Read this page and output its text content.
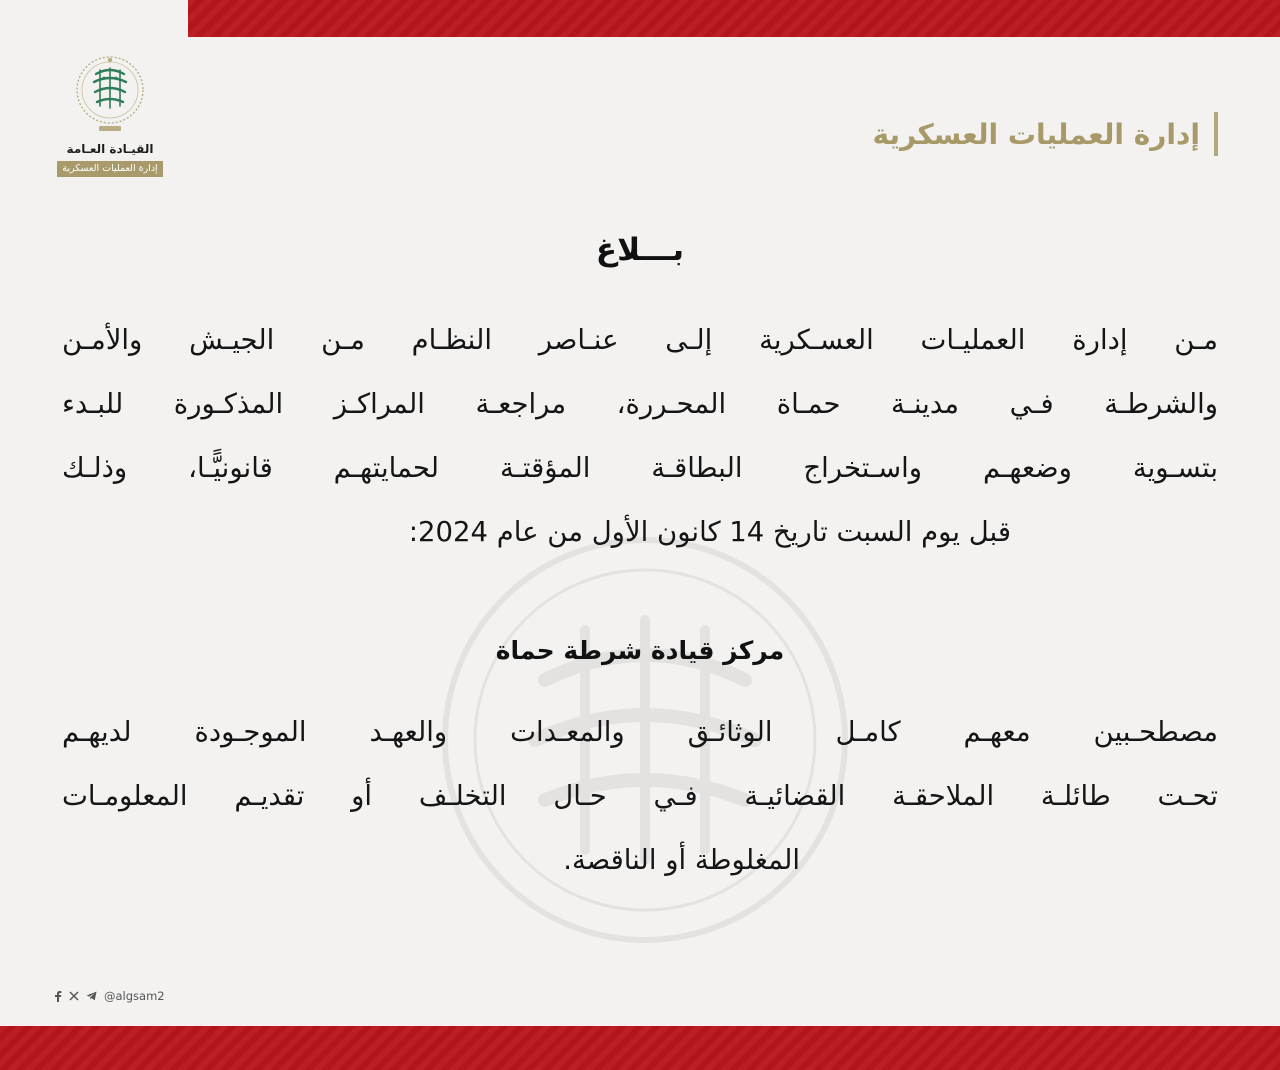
القيـادة العـامة
إدارة العمليات العسكرية
إدارة العمليات العسكرية
بـــلاغ
مـن إدارة العمليـات العسـكرية إلـى عنـاصر النظـام مـن الجيـش والأمـن
والشرطـة فـي مدينـة حمـاة المحـررة، مراجعـة المراكـز المذكـورة للبـدء
بتسـوية وضعهـم واسـتخراج البطاقـة المؤقتـة لحمايتهـم قانونيًّـا، وذلـك
قبل يوم السبت تاريخ 14 كانون الأول من عام 2024:
مركز قيادة شرطة حماة
مصطحـبين معهـم كامـل الوثائـق والمعـدات والعهـد الموجـودة لديهـم
تحـت طائلـة الملاحقـة القضائيـة فـي حـال التخلـف أو تقديـم المعلومـات
المغلوطة أو الناقصة.
@algsam2
